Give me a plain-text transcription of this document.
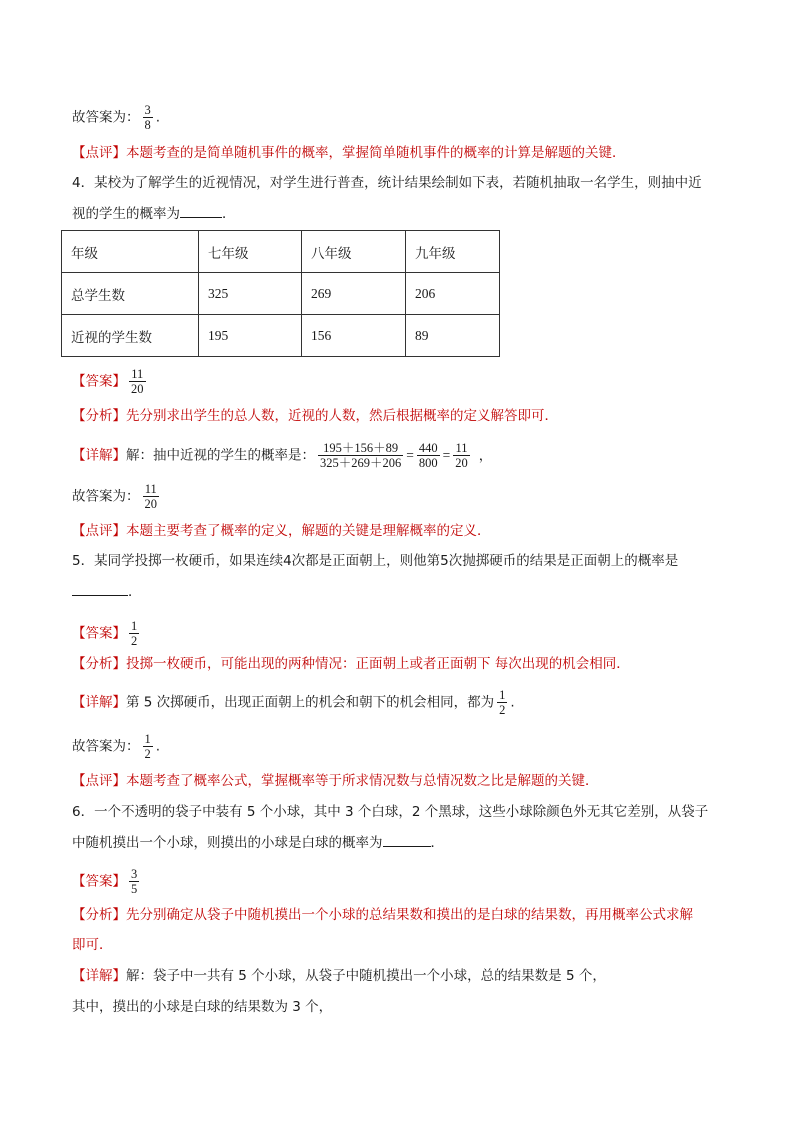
故答案为： $\frac{3}{8}$ .
【点评】本题考查的是简单随机事件的概率，掌握简单随机事件的概率的计算是解题的关键．
4．某校为了解学生的近视情况，对学生进行普查，统计结果绘制如下表，若随机抽取一名学生，则抽中近
视的学生的概率为	．
年级	七年级	八年级	九年级
总学生数	325	269	206
近视的学生数	195	156	89
【答案】 $\frac{11}{20}$
【分析】先分别求出学生的总人数，近视的人数，然后根据概率的定义解答即可．
【详解】解：抽中近视的学生的概率是： $\frac{195+156+89}{325+269+206} = \frac{440}{800} = \frac{11}{20}$ ，
故答案为： $\frac{11}{20}$
【点评】本题主要考查了概率的定义，解题的关键是理解概率的定义．
5．某同学投掷一枚硬币，如果连续4次都是正面朝上，则他第5次抛掷硬币的结果是正面朝上的概率是
．
【答案】 $\frac{1}{2}$
【分析】投掷一枚硬币，可能出现的两种情况：正面朝上或者正面朝下 每次出现的机会相同．
【详解】第 5 次掷硬币，出现正面朝上的机会和朝下的机会相同，都为 $\frac{1}{2}$ .
故答案为： $\frac{1}{2}$ .
【点评】本题考查了概率公式，掌握概率等于所求情况数与总情况数之比是解题的关键．
6．一个不透明的袋子中装有 5 个小球，其中 3 个白球，2 个黑球，这些小球除颜色外无其它差别，从袋子
中随机摸出一个小球，则摸出的小球是白球的概率为	．
【答案】 $\frac{3}{5}$
【分析】先分别确定从袋子中随机摸出一个小球的总结果数和摸出的是白球的结果数，再用概率公式求解
即可．
【详解】解：袋子中一共有 5 个小球，从袋子中随机摸出一个小球，总的结果数是 5 个，
其中，摸出的小球是白球的结果数为 3 个，
